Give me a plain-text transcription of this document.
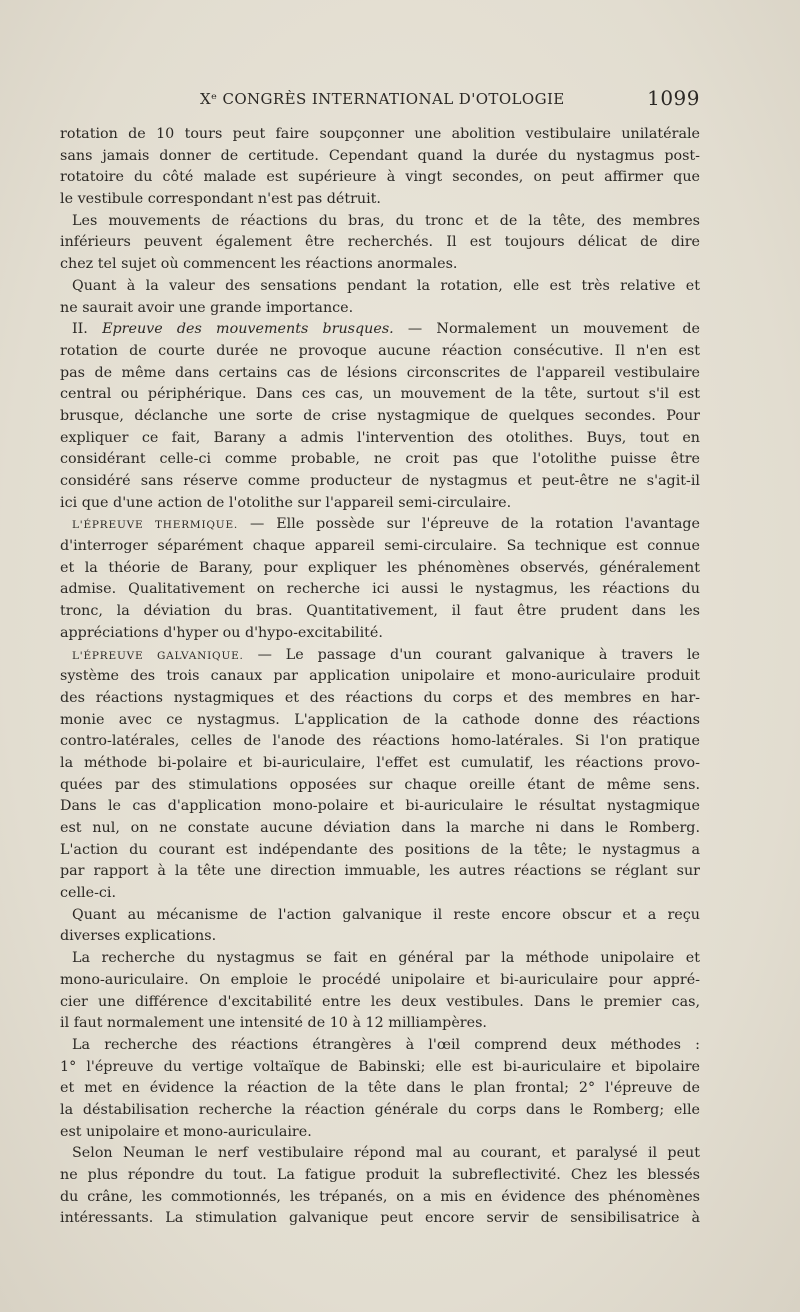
Xᵉ CONGRÈS INTERNATIONAL D'OTOLOGIE	1099
rotation de 10 tours peut faire soupçonner une abolition vestibulaire unilatérale
sans jamais donner de certitude. Cependant quand la durée du nystagmus post-
rotatoire du côté malade est supérieure à vingt secondes, on peut affirmer que
le vestibule correspondant n'est pas détruit.
Les mouvements de réactions du bras, du tronc et de la tête, des membres
inférieurs peuvent également être recherchés. Il est toujours délicat de dire
chez tel sujet où commencent les réactions anormales.
Quant à la valeur des sensations pendant la rotation, elle est très relative et
ne saurait avoir une grande importance.
II. Epreuve des mouvements brusques. — Normalement un mouvement de
rotation de courte durée ne provoque aucune réaction consécutive. Il n'en est
pas de même dans certains cas de lésions circonscrites de l'appareil vestibulaire
central ou périphérique. Dans ces cas, un mouvement de la tête, surtout s'il est
brusque, déclanche une sorte de crise nystagmique de quelques secondes. Pour
expliquer ce fait, Barany a admis l'intervention des otolithes. Buys, tout en
considérant celle-ci comme probable, ne croit pas que l'otolithe puisse être
considéré sans réserve comme producteur de nystagmus et peut-être ne s'agit-il
ici que d'une action de l'otolithe sur l'appareil semi-circulaire.
L'ÉPREUVE THERMIQUE. — Elle possède sur l'épreuve de la rotation l'avantage
d'interroger séparément chaque appareil semi-circulaire. Sa technique est connue
et la théorie de Barany, pour expliquer les phénomènes observés, généralement
admise. Qualitativement on recherche ici aussi le nystagmus, les réactions du
tronc, la déviation du bras. Quantitativement, il faut être prudent dans les
appréciations d'hyper ou d'hypo-excitabilité.
L'ÉPREUVE GALVANIQUE. — Le passage d'un courant galvanique à travers le
système des trois canaux par application unipolaire et mono-auriculaire produit
des réactions nystagmiques et des réactions du corps et des membres en har-
monie avec ce nystagmus. L'application de la cathode donne des réactions
contro-latérales, celles de l'anode des réactions homo-latérales. Si l'on pratique
la méthode bi-polaire et bi-auriculaire, l'effet est cumulatif, les réactions provo-
quées par des stimulations opposées sur chaque oreille étant de même sens.
Dans le cas d'application mono-polaire et bi-auriculaire le résultat nystagmique
est nul, on ne constate aucune déviation dans la marche ni dans le Romberg.
L'action du courant est indépendante des positions de la tête; le nystagmus a
par rapport à la tête une direction immuable, les autres réactions se réglant sur
celle-ci.
Quant au mécanisme de l'action galvanique il reste encore obscur et a reçu
diverses explications.
La recherche du nystagmus se fait en général par la méthode unipolaire et
mono-auriculaire. On emploie le procédé unipolaire et bi-auriculaire pour appré-
cier une différence d'excitabilité entre les deux vestibules. Dans le premier cas,
il faut normalement une intensité de 10 à 12 milliampères.
La recherche des réactions étrangères à l'œil comprend deux méthodes :
1° l'épreuve du vertige voltaïque de Babinski; elle est bi-auriculaire et bipolaire
et met en évidence la réaction de la tête dans le plan frontal; 2° l'épreuve de
la déstabilisation recherche la réaction générale du corps dans le Romberg; elle
est unipolaire et mono-auriculaire.
Selon Neuman le nerf vestibulaire répond mal au courant, et paralysé il peut
ne plus répondre du tout. La fatigue produit la subreflectivité. Chez les blessés
du crâne, les commotionnés, les trépanés, on a mis en évidence des phénomènes
intéressants. La stimulation galvanique peut encore servir de sensibilisatrice à
